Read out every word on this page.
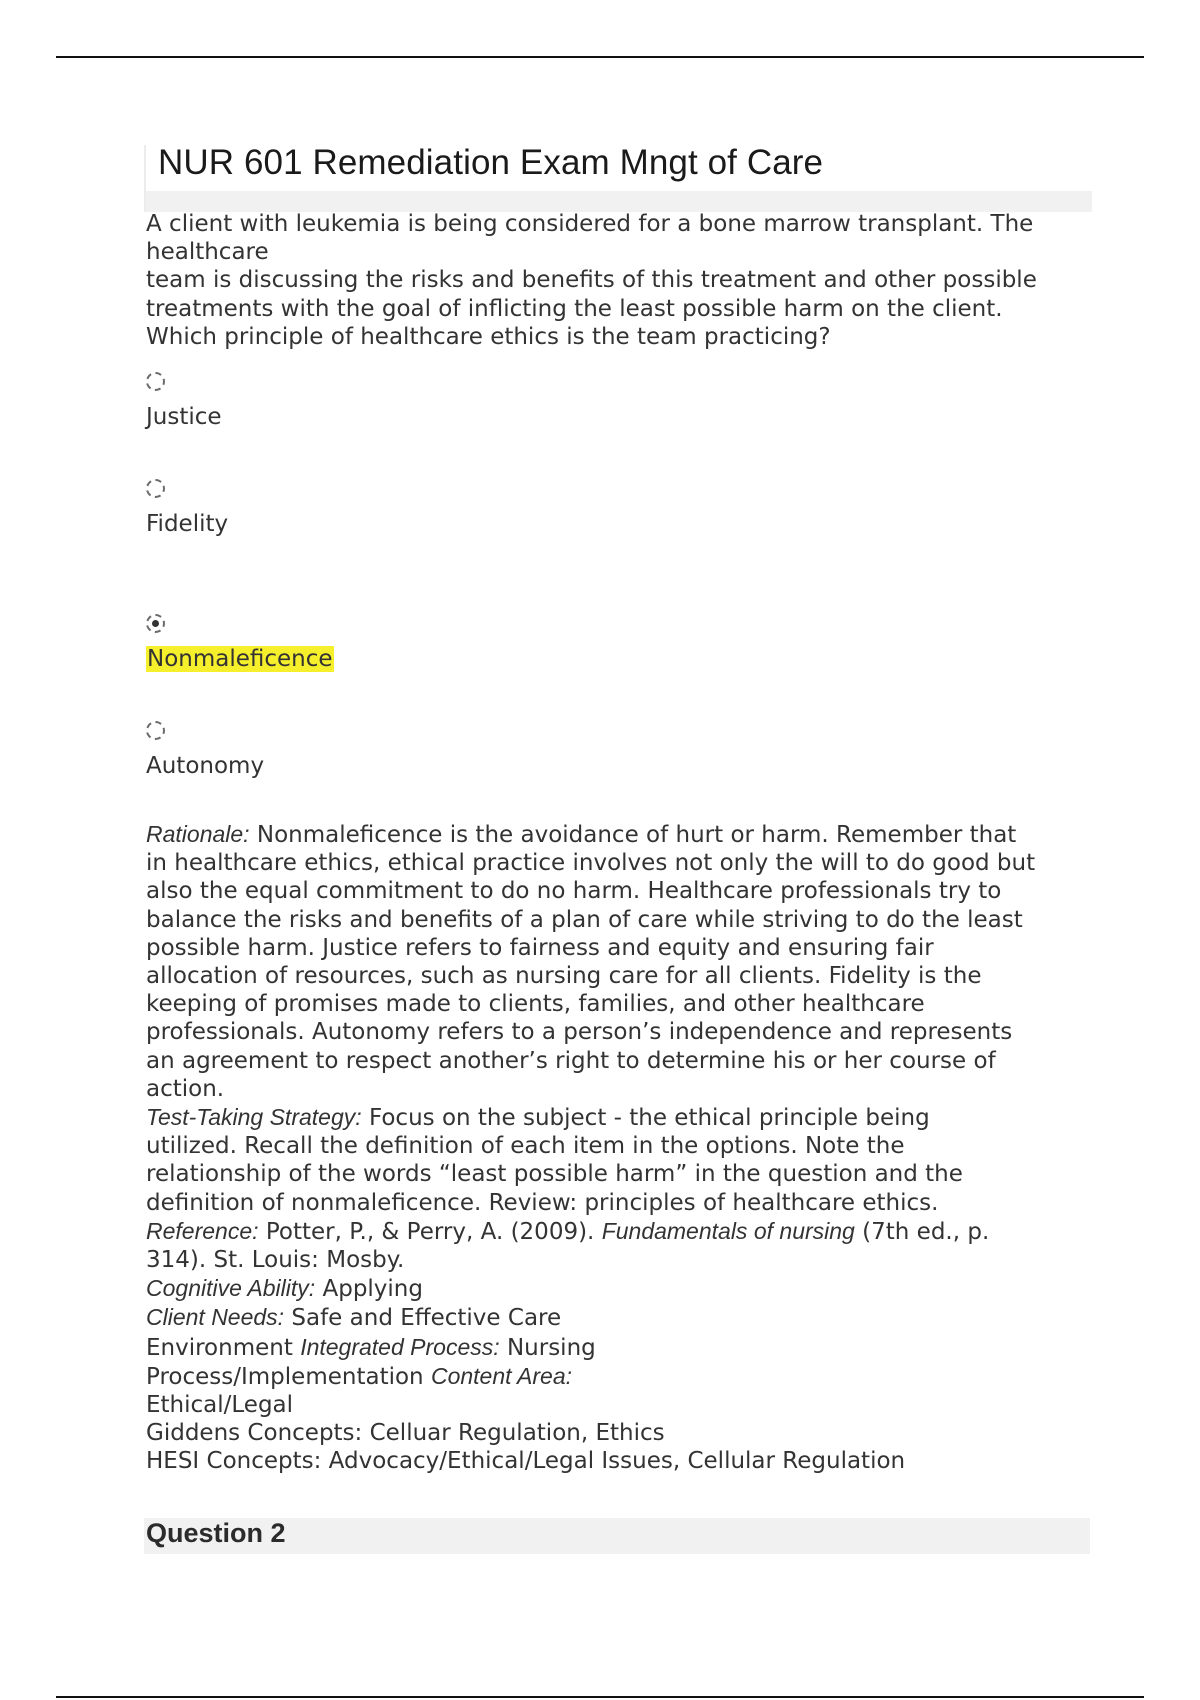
NUR 601 Remediation Exam Mngt of Care
A client with leukemia is being considered for a bone marrow transplant. The
healthcare
team is discussing the risks and benefits of this treatment and other possible
treatments with the goal of inflicting the least possible harm on the client.
Which principle of healthcare ethics is the team practicing?
Justice
Fidelity
Nonmaleficence
Autonomy
Rationale: Nonmaleficence is the avoidance of hurt or harm. Remember that
in healthcare ethics, ethical practice involves not only the will to do good but
also the equal commitment to do no harm. Healthcare professionals try to
balance the risks and benefits of a plan of care while striving to do the least
possible harm. Justice refers to fairness and equity and ensuring fair
allocation of resources, such as nursing care for all clients. Fidelity is the
keeping of promises made to clients, families, and other healthcare
professionals. Autonomy refers to a person’s independence and represents
an agreement to respect another’s right to determine his or her course of
action.
Test-Taking Strategy: Focus on the subject - the ethical principle being
utilized. Recall the definition of each item in the options. Note the
relationship of the words “least possible harm” in the question and the
definition of nonmaleficence. Review: principles of healthcare ethics.
Reference: Potter, P., & Perry, A. (2009). Fundamentals of nursing (7th ed., p.
314). St. Louis: Mosby.
Cognitive Ability: Applying
Client Needs: Safe and Effective Care
Environment Integrated Process: Nursing
Process/Implementation Content Area:
Ethical/Legal
Giddens Concepts: Celluar Regulation, Ethics
HESI Concepts: Advocacy/Ethical/Legal Issues, Cellular Regulation
Question 2
